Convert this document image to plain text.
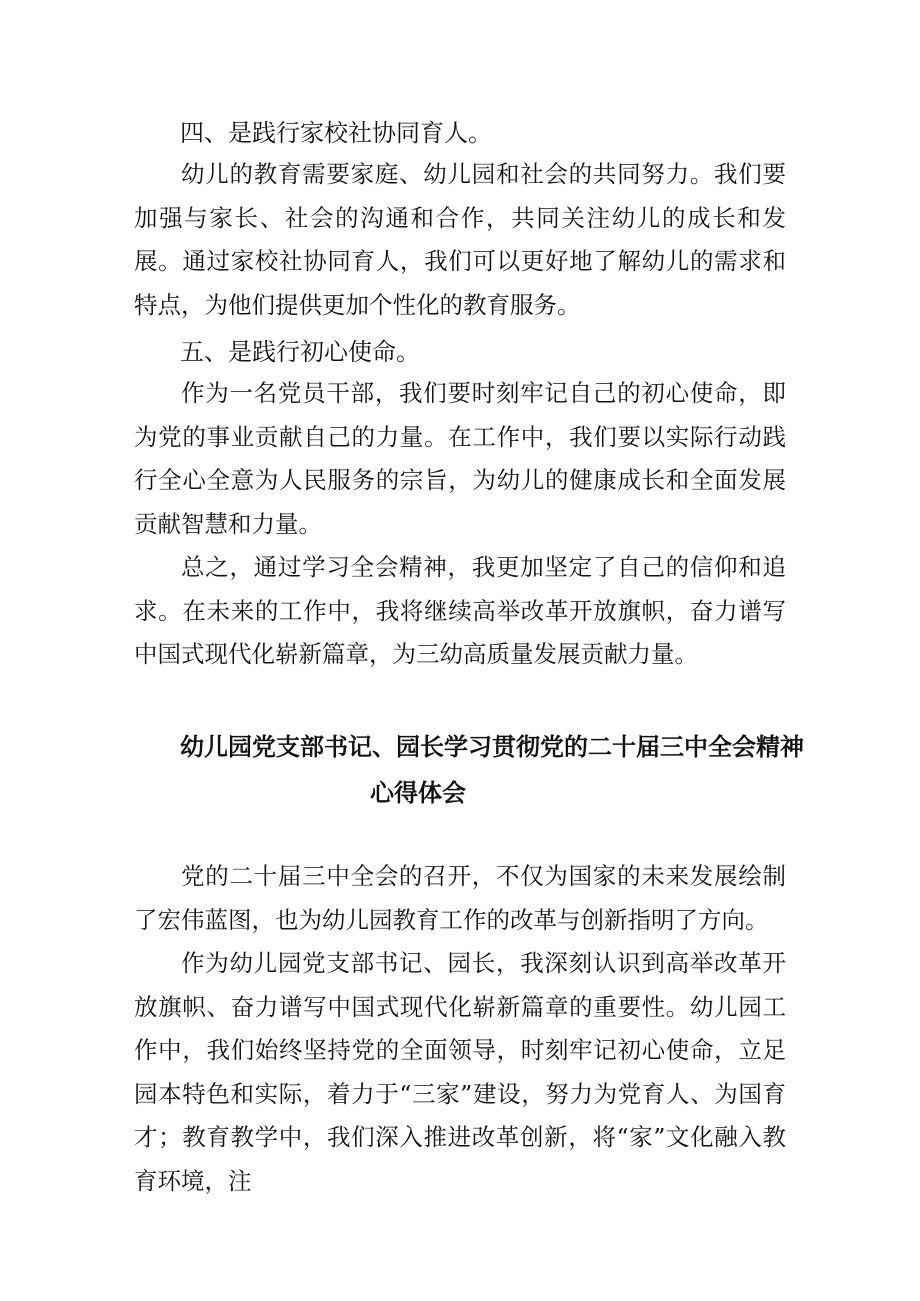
四、是践行家校社协同育人。

幼儿的教育需要家庭、幼儿园和社会的共同努力。我们要加强与家长、社会的沟通和合作，共同关注幼儿的成长和发展。通过家校社协同育人，我们可以更好地了解幼儿的需求和特点，为他们提供更加个性化的教育服务。

五、是践行初心使命。

作为一名党员干部，我们要时刻牢记自己的初心使命，即为党的事业贡献自己的力量。在工作中，我们要以实际行动践行全心全意为人民服务的宗旨，为幼儿的健康成长和全面发展贡献智慧和力量。

总之，通过学习全会精神，我更加坚定了自己的信仰和追求。在未来的工作中，我将继续高举改革开放旗帜，奋力谱写中国式现代化崭新篇章，为三幼高质量发展贡献力量。

幼儿园党支部书记、园长学习贯彻党的二十届三中全会精神
心得体会

党的二十届三中全会的召开，不仅为国家的未来发展绘制了宏伟蓝图，也为幼儿园教育工作的改革与创新指明了方向。

作为幼儿园党支部书记、园长，我深刻认识到高举改革开放旗帜、奋力谱写中国式现代化崭新篇章的重要性。幼儿园工作中，我们始终坚持党的全面领导，时刻牢记初心使命，立足园本特色和实际，着力于“三家”建设，努力为党育人、为国育才；教育教学中，我们深入推进改革创新，将“家”文化融入教育环境，注
